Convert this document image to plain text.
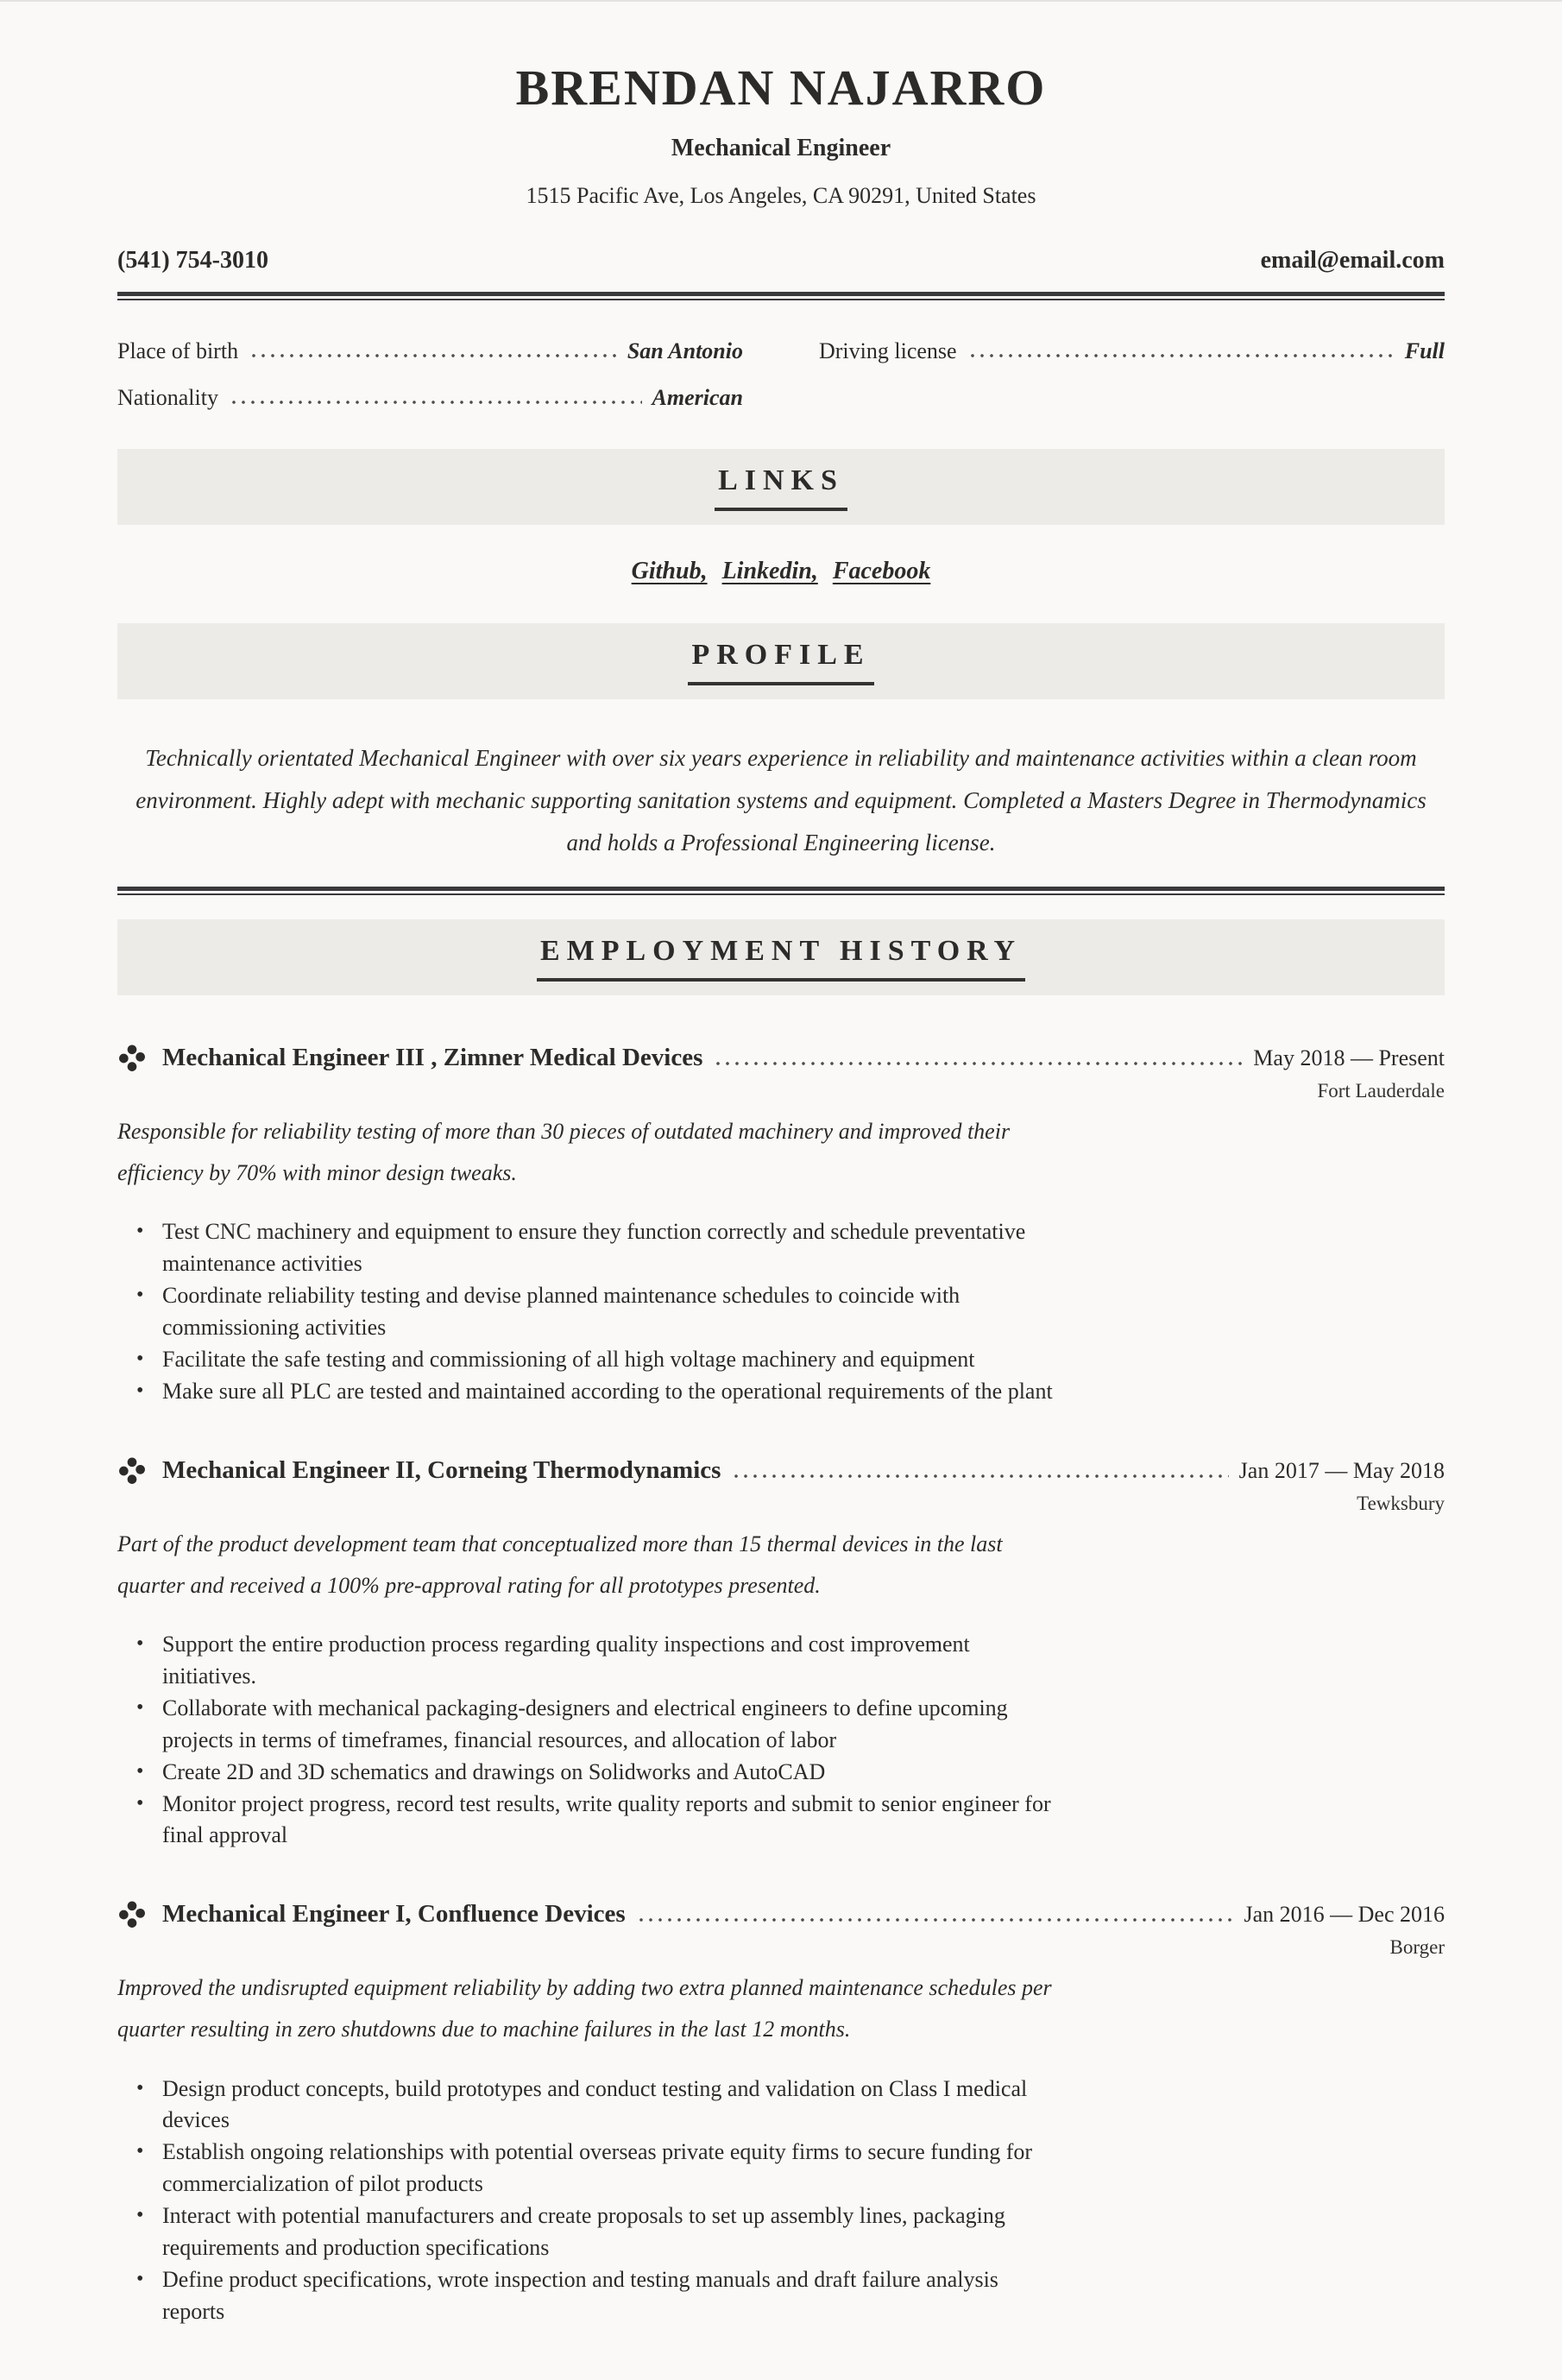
BRENDAN NAJARRO
Mechanical Engineer
1515 Pacific Ave, Los Angeles, CA 90291, United States
(541) 754-3010	email@email.com
Place of birth	San Antonio	Driving license	Full
Nationality	American
LINKS
Github, Linkedin, Facebook
PROFILE

Technically orientated Mechanical Engineer with over six years experience in reliability and maintenance activities within a clean room environment. Highly adept with mechanic supporting sanitation systems and equipment. Completed a Masters Degree in Thermodynamics and holds a Professional Engineering license.

EMPLOYMENT HISTORY
Mechanical Engineer III , Zimner Medical Devices	May 2018 — Present
Fort Lauderdale

Responsible for reliability testing of more than 30 pieces of outdated machinery and improved their efficiency by 70% with minor design tweaks.

• Test CNC machinery and equipment to ensure they function correctly and schedule preventative maintenance activities
• Coordinate reliability testing and devise planned maintenance schedules to coincide with commissioning activities
• Facilitate the safe testing and commissioning of all high voltage machinery and equipment
• Make sure all PLC are tested and maintained according to the operational requirements of the plant
Mechanical Engineer II, Corneing Thermodynamics	Jan 2017 — May 2018
Tewksbury

Part of the product development team that conceptualized more than 15 thermal devices in the last quarter and received a 100% pre-approval rating for all prototypes presented.

• Support the entire production process regarding quality inspections and cost improvement initiatives.
• Collaborate with mechanical packaging-designers and electrical engineers to define upcoming projects in terms of timeframes, financial resources, and allocation of labor
• Create 2D and 3D schematics and drawings on Solidworks and AutoCAD
• Monitor project progress, record test results, write quality reports and submit to senior engineer for final approval
Mechanical Engineer I, Confluence Devices	Jan 2016 — Dec 2016
Borger

Improved the undisrupted equipment reliability by adding two extra planned maintenance schedules per quarter resulting in zero shutdowns due to machine failures in the last 12 months.

• Design product concepts, build prototypes and conduct testing and validation on Class I medical devices
• Establish ongoing relationships with potential overseas private equity firms to secure funding for commercialization of pilot products
• Interact with potential manufacturers and create proposals to set up assembly lines, packaging requirements and production specifications
• Define product specifications, wrote inspection and testing manuals and draft failure analysis reports
